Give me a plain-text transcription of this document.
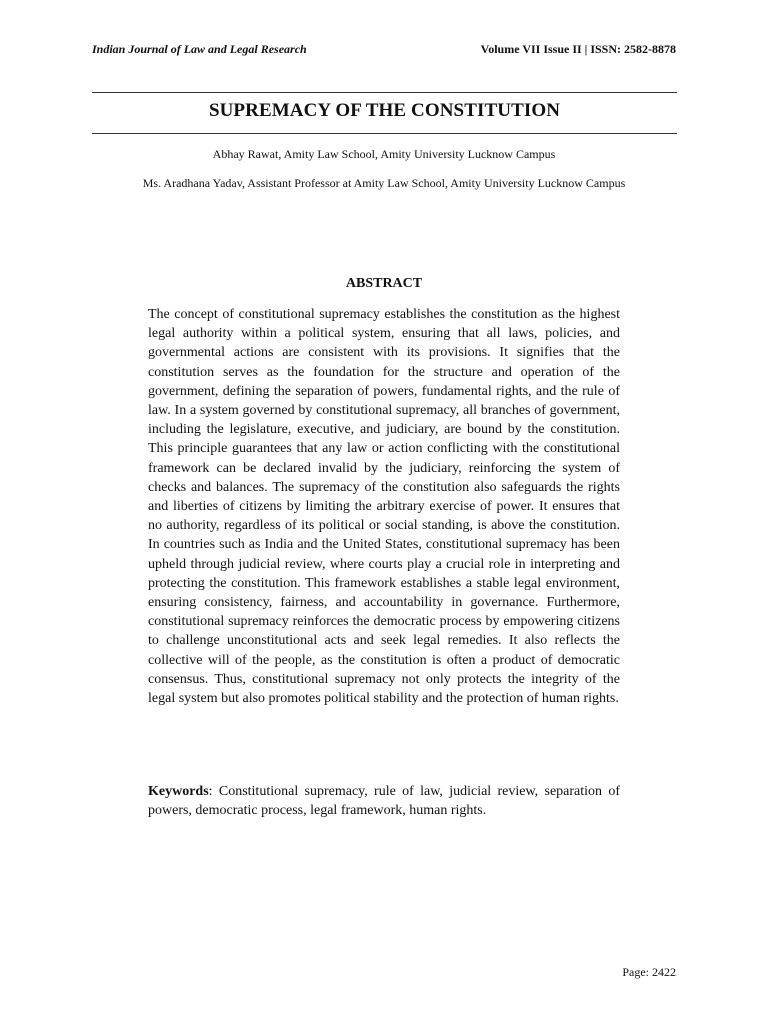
Indian Journal of Law and Legal Research	Volume VII Issue II | ISSN: 2582-8878
SUPREMACY OF THE CONSTITUTION
Abhay Rawat, Amity Law School, Amity University Lucknow Campus
Ms. Aradhana Yadav, Assistant Professor at Amity Law School, Amity University Lucknow Campus
ABSTRACT

The concept of constitutional supremacy establishes the constitution as the highest legal authority within a political system, ensuring that all laws, policies, and governmental actions are consistent with its provisions. It signifies that the constitution serves as the foundation for the structure and operation of the government, defining the separation of powers, fundamental rights, and the rule of law. In a system governed by constitutional supremacy, all branches of government, including the legislature, executive, and judiciary, are bound by the constitution. This principle guarantees that any law or action conflicting with the constitutional framework can be declared invalid by the judiciary, reinforcing the system of checks and balances. The supremacy of the constitution also safeguards the rights and liberties of citizens by limiting the arbitrary exercise of power. It ensures that no authority, regardless of its political or social standing, is above the constitution. In countries such as India and the United States, constitutional supremacy has been upheld through judicial review, where courts play a crucial role in interpreting and protecting the constitution. This framework establishes a stable legal environment, ensuring consistency, fairness, and accountability in governance. Furthermore, constitutional supremacy reinforces the democratic process by empowering citizens to challenge unconstitutional acts and seek legal remedies. It also reflects the collective will of the people, as the constitution is often a product of democratic consensus. Thus, constitutional supremacy not only protects the integrity of the legal system but also promotes political stability and the protection of human rights.

Keywords: Constitutional supremacy, rule of law, judicial review, separation of powers, democratic process, legal framework, human rights.

Page: 2422
